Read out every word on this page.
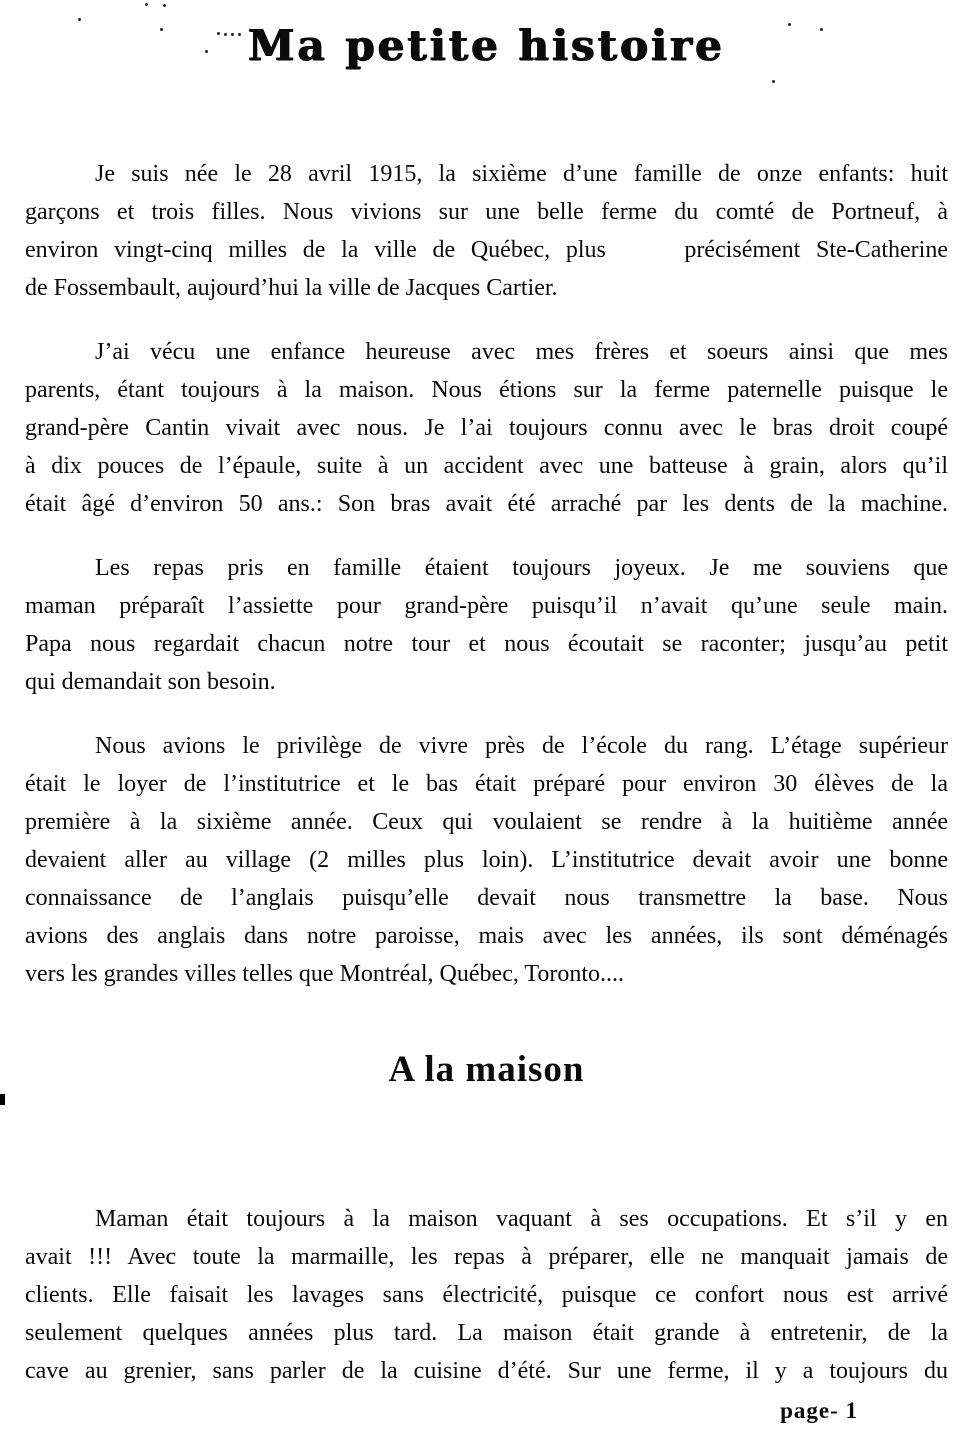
Ma petite histoire
Je suis née le 28 avril 1915, la sixième d’une famille de onze enfants: huit
garçons et trois filles. Nous vivions sur une belle ferme du comté de Portneuf, à
environ vingt-cinq milles de la ville de Québec, plus     précisément Ste-Catherine
de Fossembault, aujourd’hui la ville de Jacques Cartier.
J’ai vécu une enfance heureuse avec mes frères et soeurs ainsi que mes
parents, étant toujours à la maison. Nous étions sur la ferme paternelle puisque le
grand-père Cantin vivait avec nous. Je l’ai toujours connu avec le bras droit coupé
à dix pouces de l’épaule, suite à un accident avec une batteuse à grain, alors qu’il
était âgé d’environ 50 ans.: Son bras avait été arraché par les dents de la machine.
Les repas pris en famille étaient toujours joyeux. Je me souviens que
maman préparaît l’assiette pour grand-père puisqu’il n’avait qu’une seule main.
Papa nous regardait chacun notre tour et nous écoutait se raconter; jusqu’au petit
qui demandait son besoin.
Nous avions le privilège de vivre près de l’école du rang. L’étage supérieur
était le loyer de l’institutrice et le bas était préparé pour environ 30 élèves de la
première à la sixième année. Ceux qui voulaient se rendre à la huitième année
devaient aller au village (2 milles plus loin). L’institutrice devait avoir une bonne
connaissance de l’anglais puisqu’elle devait nous transmettre la base. Nous
avions des anglais dans notre paroisse, mais avec les années, ils sont déménagés
vers les grandes villes telles que Montréal, Québec, Toronto....
A la maison
Maman était toujours à la maison vaquant à ses occupations. Et s’il y en
avait !!! Avec toute la marmaille, les repas à préparer, elle ne manquait jamais de
clients. Elle faisait les lavages sans électricité, puisque ce confort nous est arrivé
seulement quelques années plus tard. La maison était grande à entretenir, de la
cave au grenier, sans parler de la cuisine d’été. Sur une ferme, il y a toujours du
page- 1
